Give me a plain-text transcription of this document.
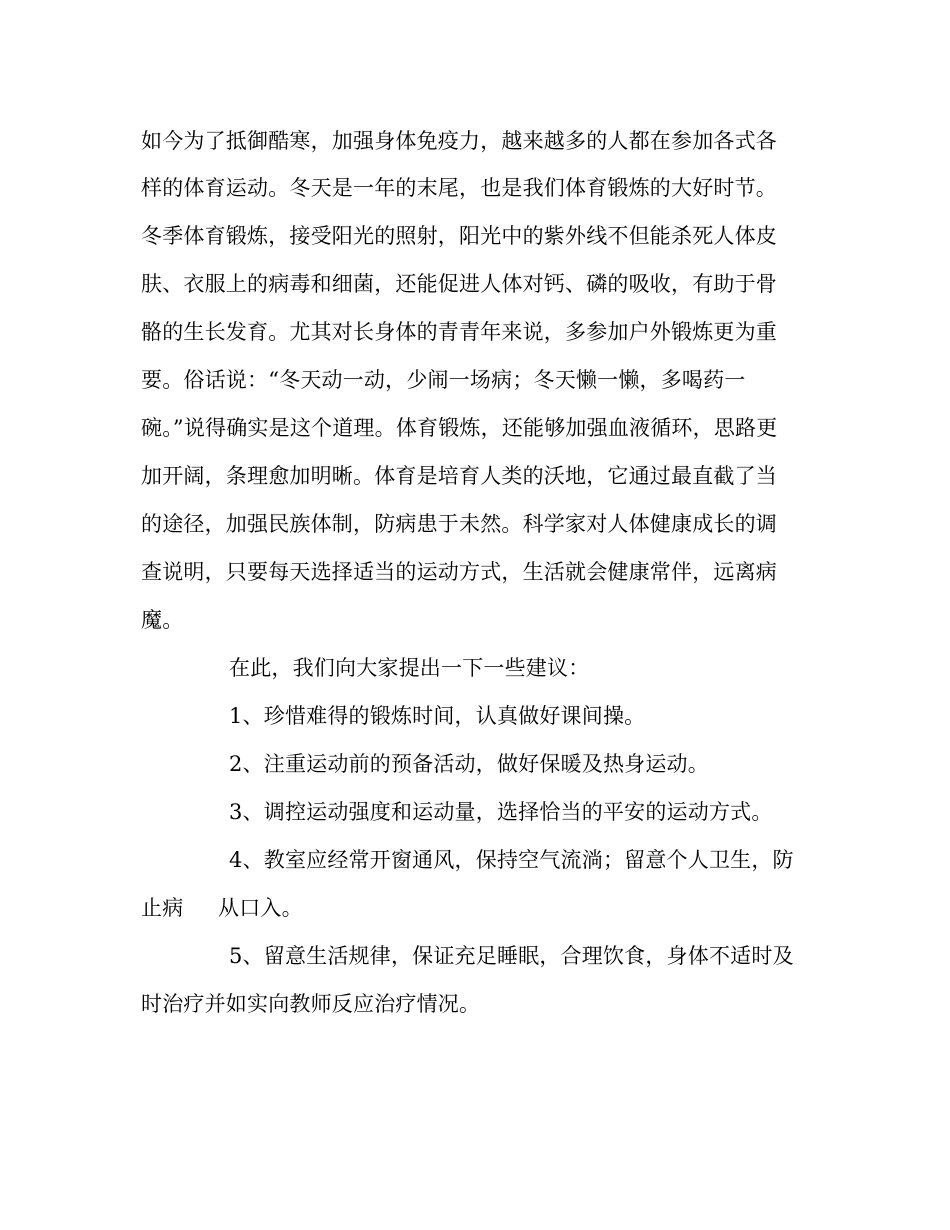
如今为了抵御酷寒，加强身体免疫力，越来越多的人都在参加各式各
样的体育运动。冬天是一年的末尾，也是我们体育锻炼的大好时节。
冬季体育锻炼，接受阳光的照射，阳光中的紫外线不但能杀死人体皮
肤、衣服上的病毒和细菌，还能促进人体对钙、磷的吸收，有助于骨
骼的生长发育。尤其对长身体的青青年来说，多参加户外锻炼更为重
要。俗话说：“冬天动一动，少闹一场病；冬天懒一懒，多喝药一
碗。”说得确实是这个道理。体育锻炼，还能够加强血液循环，思路更
加开阔，条理愈加明晰。体育是培育人类的沃地，它通过最直截了当
的途径，加强民族体制，防病患于未然。科学家对人体健康成长的调
查说明，只要每天选择适当的运动方式，生活就会健康常伴，远离病
魔。
在此，我们向大家提出一下一些建议：
1、珍惜难得的锻炼时间，认真做好课间操。
2、注重运动前的预备活动，做好保暖及热身运动。
3、调控运动强度和运动量，选择恰当的平安的运动方式。
4、教室应经常开窗通风，保持空气流淌；留意个人卫生，防
止病 从口入。
5、留意生活规律，保证充足睡眠，合理饮食，身体不适时及
时治疗并如实向教师反应治疗情况。
